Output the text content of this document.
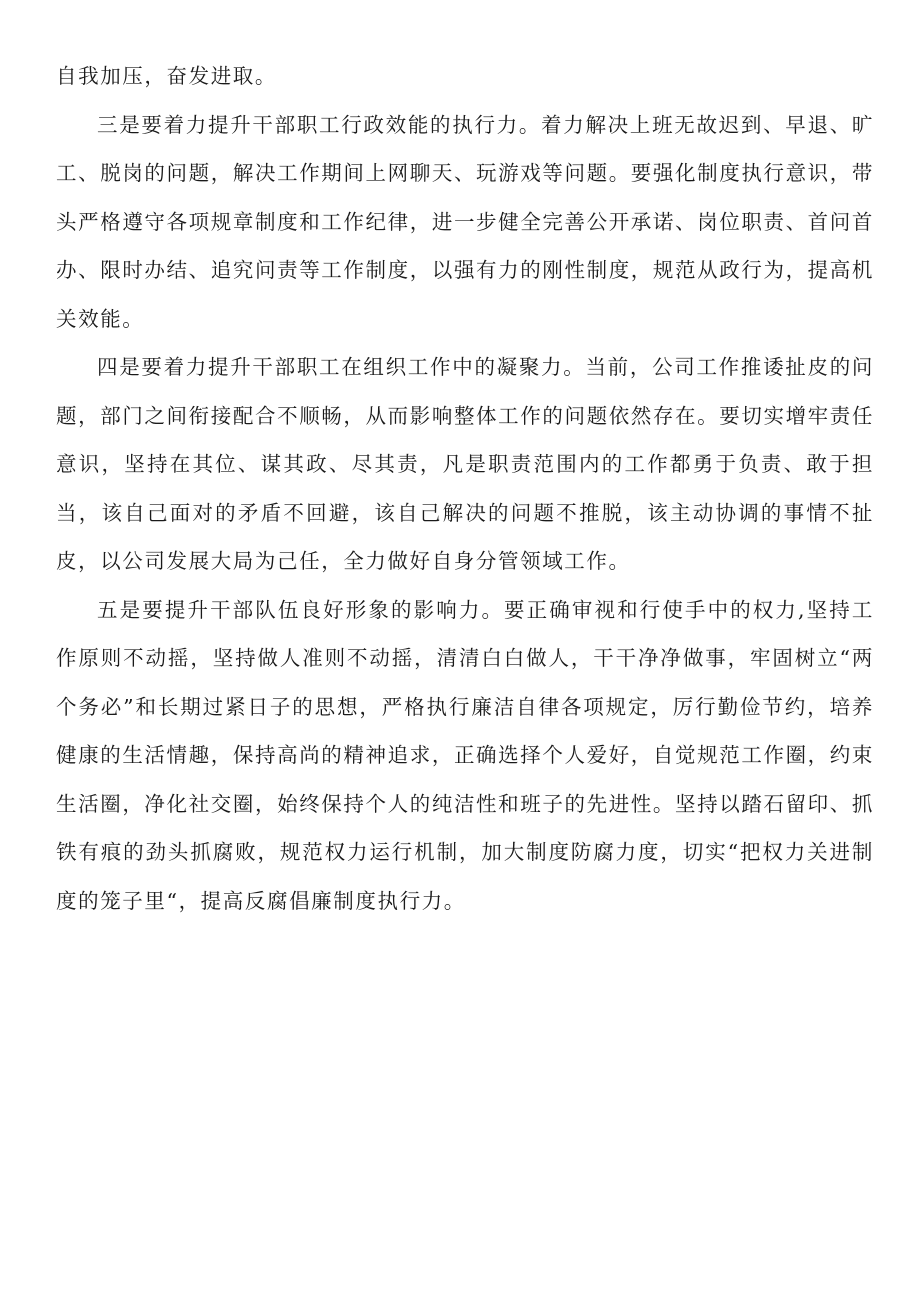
自我加压，奋发进取。

三是要着力提升干部职工行政效能的执行力。着力解决上班无故迟到、早退、旷工、脱岗的问题，解决工作期间上网聊天、玩游戏等问题。要强化制度执行意识，带头严格遵守各项规章制度和工作纪律，进一步健全完善公开承诺、岗位职责、首问首办、限时办结、追究问责等工作制度，以强有力的刚性制度，规范从政行为，提高机关效能。

四是要着力提升干部职工在组织工作中的凝聚力。当前，公司工作推诿扯皮的问题，部门之间衔接配合不顺畅，从而影响整体工作的问题依然存在。要切实增牢责任意识，坚持在其位、谋其政、尽其责，凡是职责范围内的工作都勇于负责、敢于担当，该自己面对的矛盾不回避，该自己解决的问题不推脱，该主动协调的事情不扯皮，以公司发展大局为己任，全力做好自身分管领域工作。

五是要提升干部队伍良好形象的影响力。要正确审视和行使手中的权力,坚持工作原则不动摇，坚持做人准则不动摇，清清白白做人，干干净净做事，牢固树立“两个务必”和长期过紧日子的思想，严格执行廉洁自律各项规定，厉行勤俭节约，培养健康的生活情趣，保持高尚的精神追求，正确选择个人爱好，自觉规范工作圈，约束生活圈，净化社交圈，始终保持个人的纯洁性和班子的先进性。坚持以踏石留印、抓铁有痕的劲头抓腐败，规范权力运行机制，加大制度防腐力度，切实“把权力关进制度的笼子里“，提高反腐倡廉制度执行力。
